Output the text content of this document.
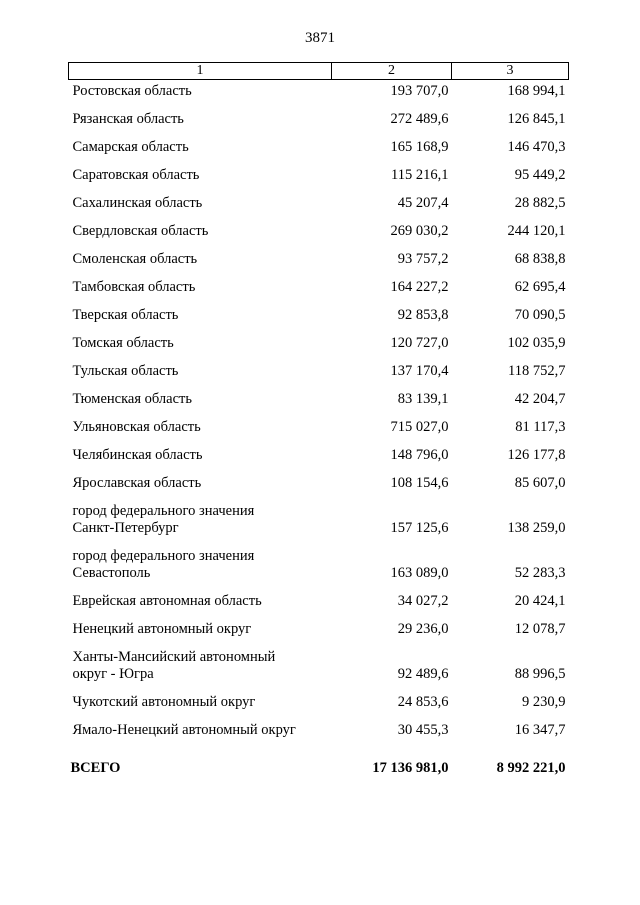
3871
1	2	3
Ростовская область	193 707,0	168 994,1
Рязанская область	272 489,6	126 845,1
Самарская область	165 168,9	146 470,3
Саратовская область	115 216,1	95 449,2
Сахалинская область	45 207,4	28 882,5
Свердловская область	269 030,2	244 120,1
Смоленская область	93 757,2	68 838,8
Тамбовская область	164 227,2	62 695,4
Тверская область	92 853,8	70 090,5
Томская область	120 727,0	102 035,9
Тульская область	137 170,4	118 752,7
Тюменская область	83 139,1	42 204,7
Ульяновская область	715 027,0	81 117,3
Челябинская область	148 796,0	126 177,8
Ярославская область	108 154,6	85 607,0
город федерального значения
Санкт-Петербург	157 125,6	138 259,0
город федерального значения
Севастополь	163 089,0	52 283,3
Еврейская автономная область	34 027,2	20 424,1
Ненецкий автономный округ	29 236,0	12 078,7
Ханты-Мансийский автономный
округ - Югра	92 489,6	88 996,5
Чукотский автономный округ	24 853,6	9 230,9
Ямало-Ненецкий автономный округ	30 455,3	16 347,7
ВСЕГО	17 136 981,0	8 992 221,0
